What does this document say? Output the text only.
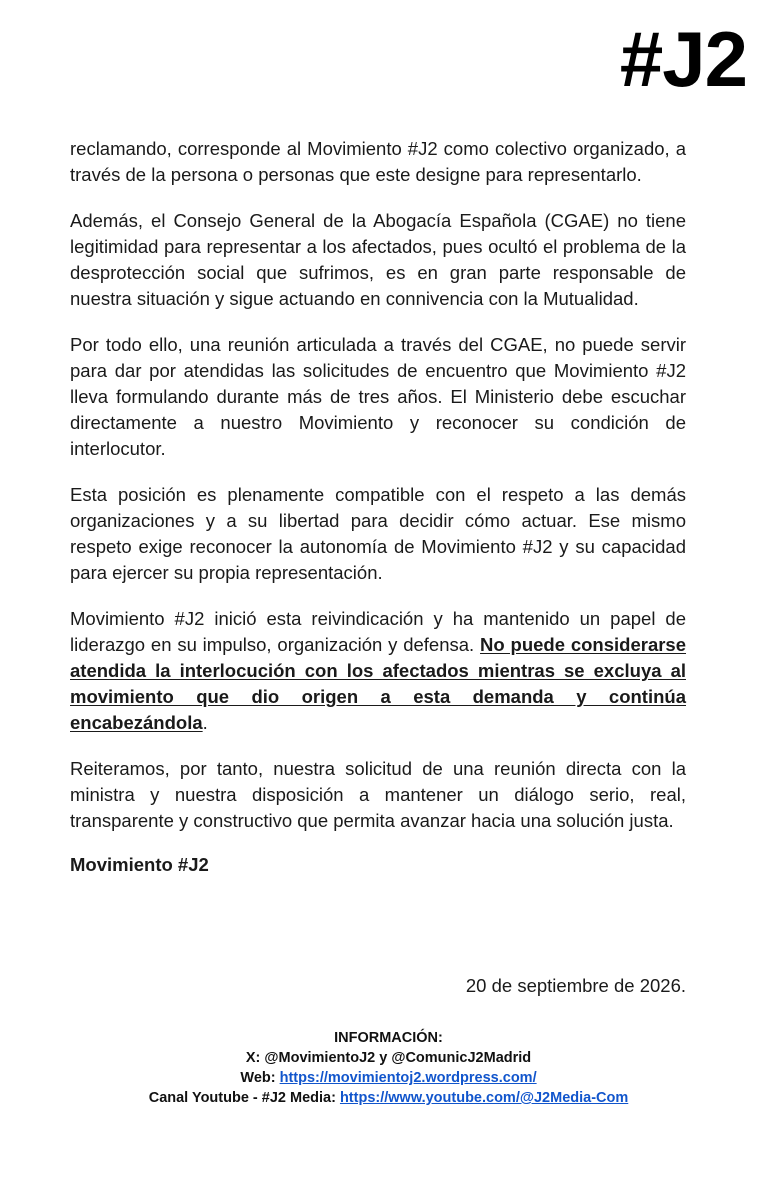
#J2

reclamando, corresponde al Movimiento #J2 como colectivo organizado, a través de la persona o personas que este designe para representarlo.

Además, el Consejo General de la Abogacía Española (CGAE) no tiene legitimidad para representar a los afectados, pues ocultó el problema de la desprotección social que sufrimos, es en gran parte responsable de nuestra situación y sigue actuando en connivencia con la Mutualidad.

Por todo ello, una reunión articulada a través del CGAE, no puede servir para dar por atendidas las solicitudes de encuentro que Movimiento #J2 lleva formulando durante más de tres años. El Ministerio debe escuchar directamente a nuestro Movimiento y reconocer su condición de interlocutor.

Esta posición es plenamente compatible con el respeto a las demás organizaciones y a su libertad para decidir cómo actuar. Ese mismo respeto exige reconocer la autonomía de Movimiento #J2 y su capacidad para ejercer su propia representación.

Movimiento #J2 inició esta reivindicación y ha mantenido un papel de liderazgo en su impulso, organización y defensa. No puede considerarse atendida la interlocución con los afectados mientras se excluya al movimiento que dio origen a esta demanda y continúa encabezándola.

Reiteramos, por tanto, nuestra solicitud de una reunión directa con la ministra y nuestra disposición a mantener un diálogo serio, real, transparente y constructivo que permita avanzar hacia una solución justa.

Movimiento #J2

20 de septiembre de 2026.
INFORMACIÓN:
X: @MovimientoJ2 y @ComunicJ2Madrid
Web: https://movimientoj2.wordpress.com/
Canal Youtube - #J2 Media: https://www.youtube.com/@J2Media-Com
